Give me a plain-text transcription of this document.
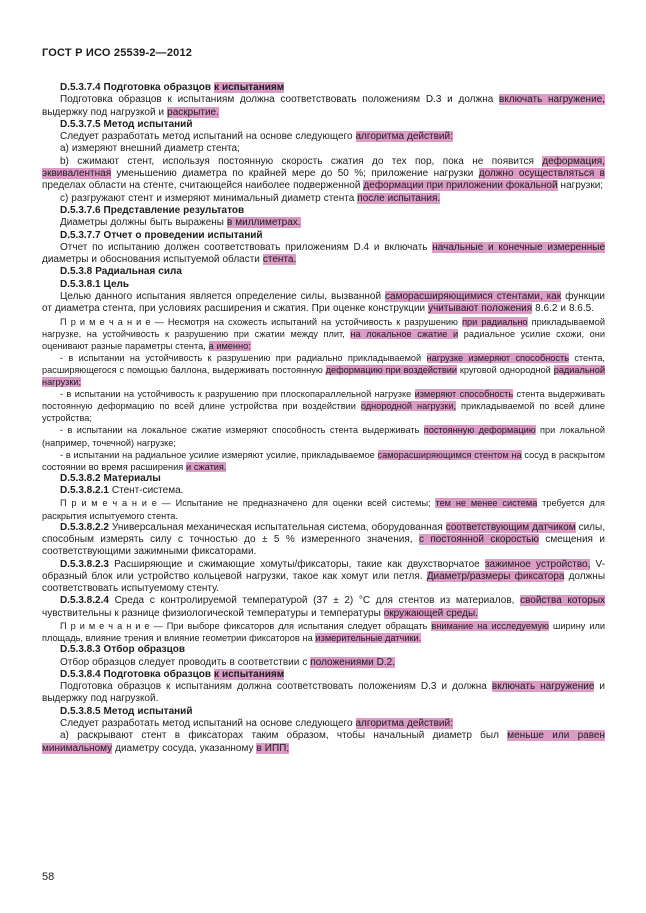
ГОСТ Р ИСО 25539-2—2012

D.5.3.7.4 Подготовка образцов к испытаниям

Подготовка образцов к испытаниям должна соответствовать положениям D.3 и должна включать нагружение, выдержку под нагрузкой и раскрытие.

D.5.3.7.5 Метод испытаний

Следует разработать метод испытаний на основе следующего алгоритма действий:

a) измеряют внешний диаметр стента;

b) сжимают стент, используя постоянную скорость сжатия до тех пор, пока не появится деформация, эквивалентная уменьшению диаметра по крайней мере до 50 %; приложение нагрузки должно осуществляться в пределах области на стенте, считающейся наиболее подверженной деформации при приложении фокальной нагрузки;

c) разгружают стент и измеряют минимальный диаметр стента после испытания.

D.5.3.7.6 Представление результатов

Диаметры должны быть выражены в миллиметрах.

D.5.3.7.7 Отчет о проведении испытаний

Отчет по испытанию должен соответствовать приложениям D.4 и включать начальные и конечные измеренные диаметры и обоснования испытуемой области стента.

D.5.3.8 Радиальная сила

D.5.3.8.1 Цель

Целью данного испытания является определение силы, вызванной саморасширяющимися стентами, как функции от диаметра стента, при условиях расширения и сжатия. При оценке конструкции учитывают положения 8.6.2 и 8.6.5.

П р и м е ч а н и е — Несмотря на схожесть испытаний на устойчивость к разрушению при радиально прикладываемой нагрузке, на устойчивость к разрушению при сжатии между плит, на локальное сжатие и радиальное усилие схожи, они оценивают разные параметры стента, а именно:

- в испытании на устойчивость к разрушению при радиально прикладываемой нагрузке измеряют способность стента, расширяющегося с помощью баллона, выдерживать постоянную деформацию при воздействии круговой однородной радиальной нагрузки;

- в испытании на устойчивость к разрушению при плоскопараллельной нагрузке измеряют способность стента выдерживать постоянную деформацию по всей длине устройства при воздействии однородной нагрузки, прикладываемой по всей длине устройства;

- в испытании на локальное сжатие измеряют способность стента выдерживать постоянную деформацию при локальной (например, точечной) нагрузке;

- в испытании на радиальное усилие измеряют усилие, прикладываемое саморасширяющимся стентом на сосуд в раскрытом состоянии во время расширения и сжатия.

D.5.3.8.2 Материалы

D.5.3.8.2.1 Стент-система.

П р и м е ч а н и е — Испытание не предназначено для оценки всей системы; тем не менее система требуется для раскрытия испытуемого стента.

D.5.3.8.2.2 Универсальная механическая испытательная система, оборудованная соответствующим датчиком силы, способным измерять силу с точностью до ± 5 % измеренного значения, с постоянной скоростью смещения и соответствующими зажимными фиксаторами.

D.5.3.8.2.3 Расширяющие и сжимающие хомуты/фиксаторы, такие как двухстворчатое зажимное устройство, V-образный блок или устройство кольцевой нагрузки, такое как хомут или петля. Диаметр/размеры фиксатора должны соответствовать испытуемому стенту.

D.5.3.8.2.4 Среда с контролируемой температурой (37 ± 2) °C для стентов из материалов, свойства которых чувствительны к разнице физиологической температуры и температуры окружающей среды.

П р и м е ч а н и е — При выборе фиксаторов для испытания следует обращать внимание на исследуемую ширину или площадь, влияние трения и влияние геометрии фиксаторов на измерительные датчики.

D.5.3.8.3 Отбор образцов

Отбор образцов следует проводить в соответствии с положениями D.2.

D.5.3.8.4 Подготовка образцов к испытаниям

Подготовка образцов к испытаниям должна соответствовать положениям D.3 и должна включать нагружение и выдержку под нагрузкой.

D.5.3.8.5 Метод испытаний

Следует разработать метод испытаний на основе следующего алгоритма действий:

a) раскрывают стент в фиксаторах таким образом, чтобы начальный диаметр был меньше или равен минимальному диаметру сосуда, указанному в ИПП;

58
